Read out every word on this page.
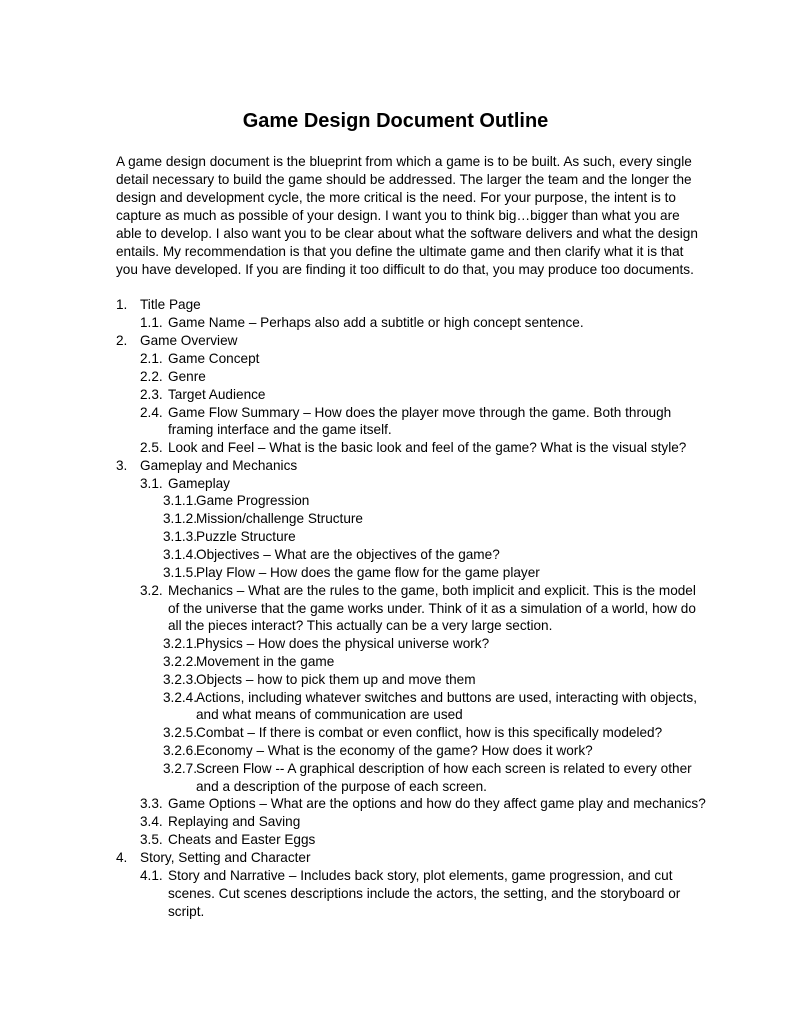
Game Design Document Outline

A game design document is the blueprint from which a game is to be built. As such, every single

detail necessary to build the game should be addressed. The larger the team and the longer the

design and development cycle, the more critical is the need. For your purpose, the intent is to

capture as much as possible of your design. I want you to think big…bigger than what you are

able to develop. I also want you to be clear about what the software delivers and what the design

entails. My recommendation is that you define the ultimate game and then clarify what it is that

you have developed. If you are finding it too difficult to do that, you may produce too documents.

1. Title Page
1.1. Game Name – Perhaps also add a subtitle or high concept sentence.
2. Game Overview
2.1. Game Concept
2.2. Genre
2.3. Target Audience
2.4. Game Flow Summary – How does the player move through the game. Both through
framing interface and the game itself.
2.5. Look and Feel – What is the basic look and feel of the game? What is the visual style?
3. Gameplay and Mechanics
3.1. Gameplay
3.1.1.
Game Progression
3.1.2.
Mission/challenge Structure
3.1.3.
Puzzle Structure
3.1.4.
Objectives – What are the objectives of the game?
3.1.5.
Play Flow – How does the game flow for the game player
3.2. Mechanics – What are the rules to the game, both implicit and explicit. This is the model
of the universe that the game works under. Think of it as a simulation of a world, how do
all the pieces interact? This actually can be a very large section.
3.2.1.
Physics – How does the physical universe work?
3.2.2.
Movement in the game
3.2.3.
Objects – how to pick them up and move them
3.2.4.
Actions, including whatever switches and buttons are used, interacting with objects,
and what means of communication are used
3.2.5.
Combat – If there is combat or even conflict, how is this specifically modeled?
3.2.6.
Economy – What is the economy of the game? How does it work?
3.2.7.
Screen Flow -- A graphical description of how each screen is related to every other
and a description of the purpose of each screen.
3.3. Game Options – What are the options and how do they affect game play and mechanics?
3.4. Replaying and Saving
3.5. Cheats and Easter Eggs
4. Story, Setting and Character
4.1. Story and Narrative – Includes back story, plot elements, game progression, and cut
scenes. Cut scenes descriptions include the actors, the setting, and the storyboard or
script.
